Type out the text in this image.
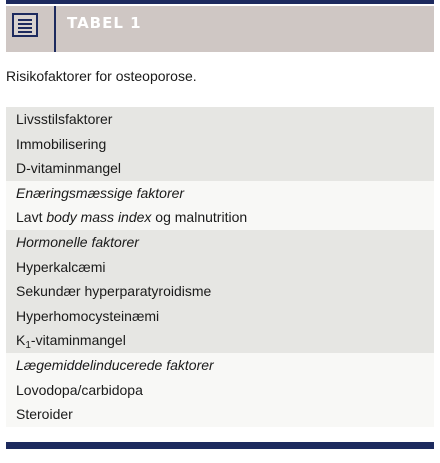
TABEL 1
Risikofaktorer for osteoporose.
Livsstilsfaktorer
Immobilisering
D-vitaminmangel
Enæringsmæssige faktorer
Lavt body mass index og malnutrition
Hormonelle faktorer
Hyperkalcæmi
Sekundær hyperparatyroidisme
Hyperhomocysteinæmi
$K_1$-vitaminmangel
Lægemiddelinducerede faktorer
Lovodopa/carbidopa
Steroider
